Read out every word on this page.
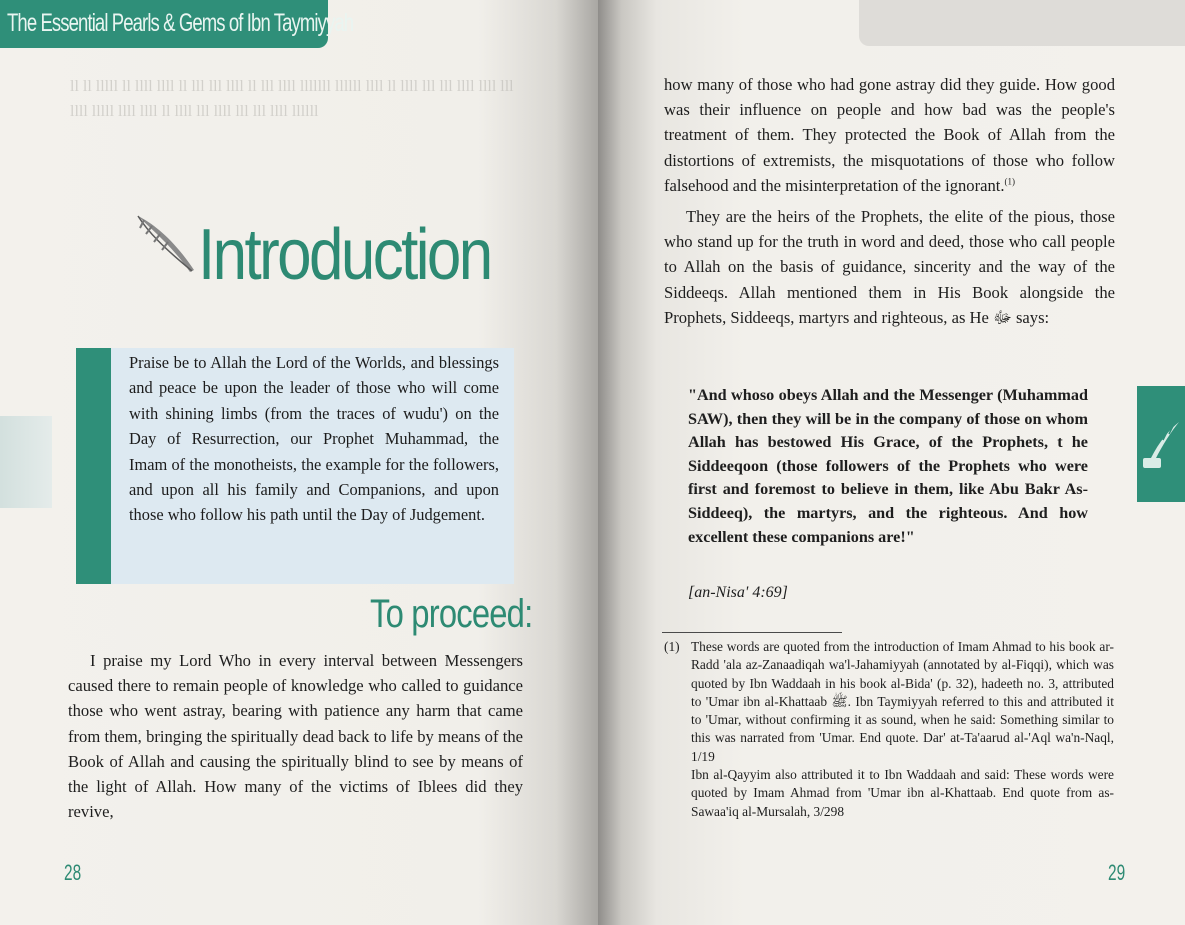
ll ll lllll ll llll llll ll lll lll llll ll lll llll lllllll llllll llll ll llll lll lll llll llll lll llll lllll llll llll ll llll lll llll lll lll llll llllll
The Essential Pearls & Gems of Ibn Taymiyyah
Introduction

Praise be to Allah the Lord of the Worlds, and blessings and peace be upon the leader of those who will come with shining limbs (from the traces of wudu') on the Day of Resurrection, our Prophet Muhammad, the Imam of the monotheists, the example for the followers, and upon all his family and Companions, and upon those who follow his path until the Day of Judgement.

To proceed:

I praise my Lord Who in every interval between Messengers caused there to remain people of knowledge who called to guidance those who went astray, bearing with patience any harm that came from them, bringing the spiritually dead back to life by means of the Book of Allah and causing the spiritually blind to see by means of the light of Allah. How many of the victims of Iblees did they revive,

28

how many of those who had gone astray did they guide. How good was their influence on people and how bad was the people's treatment of them. They protected the Book of Allah from the distortions of extremists, the misquotations of those who follow falsehood and the misinterpretation of the ignorant.$^{(1)}$

They are the heirs of the Prophets, the elite of the pious, those who stand up for the truth in word and deed, those who call people to Allah on the basis of guidance, sincerity and the way of the Siddeeqs. Allah mentioned them in His Book alongside the Prophets, Siddeeqs, martyrs and righteous, as He ﷻ says:

"And whoso obeys Allah and the Messenger (Muhammad SAW), then they will be in the company of those on whom Allah has bestowed His Grace, of the Prophets, t he Siddeeqoon (those followers of the Prophets who were first and foremost to believe in them, like Abu Bakr As-Siddeeq), the martyrs, and the righteous. And how excellent these companions are!"
[an-Nisa' 4:69]
(1) These words are quoted from the introduction of Imam Ahmad to his book ar-Radd 'ala az-Zanaadiqah wa'l-Jahamiyyah (annotated by al-Fiqqi), which was quoted by Ibn Waddaah in his book al-Bida' (p. 32), hadeeth no. 3, attributed to 'Umar ibn al-Khattaab ﷺ. Ibn Taymiyyah referred to this and attributed it to 'Umar, without confirming it as sound, when he said: Something similar to this was narrated from 'Umar. End quote. Dar' at-Ta'aarud al-'Aql wa'n-Naql, 1/19

Ibn al-Qayyim also attributed it to Ibn Waddaah and said: These words were quoted by Imam Ahmad from 'Umar ibn al-Khattaab. End quote from as-Sawaa'iq al-Mursalah, 3/298

29
